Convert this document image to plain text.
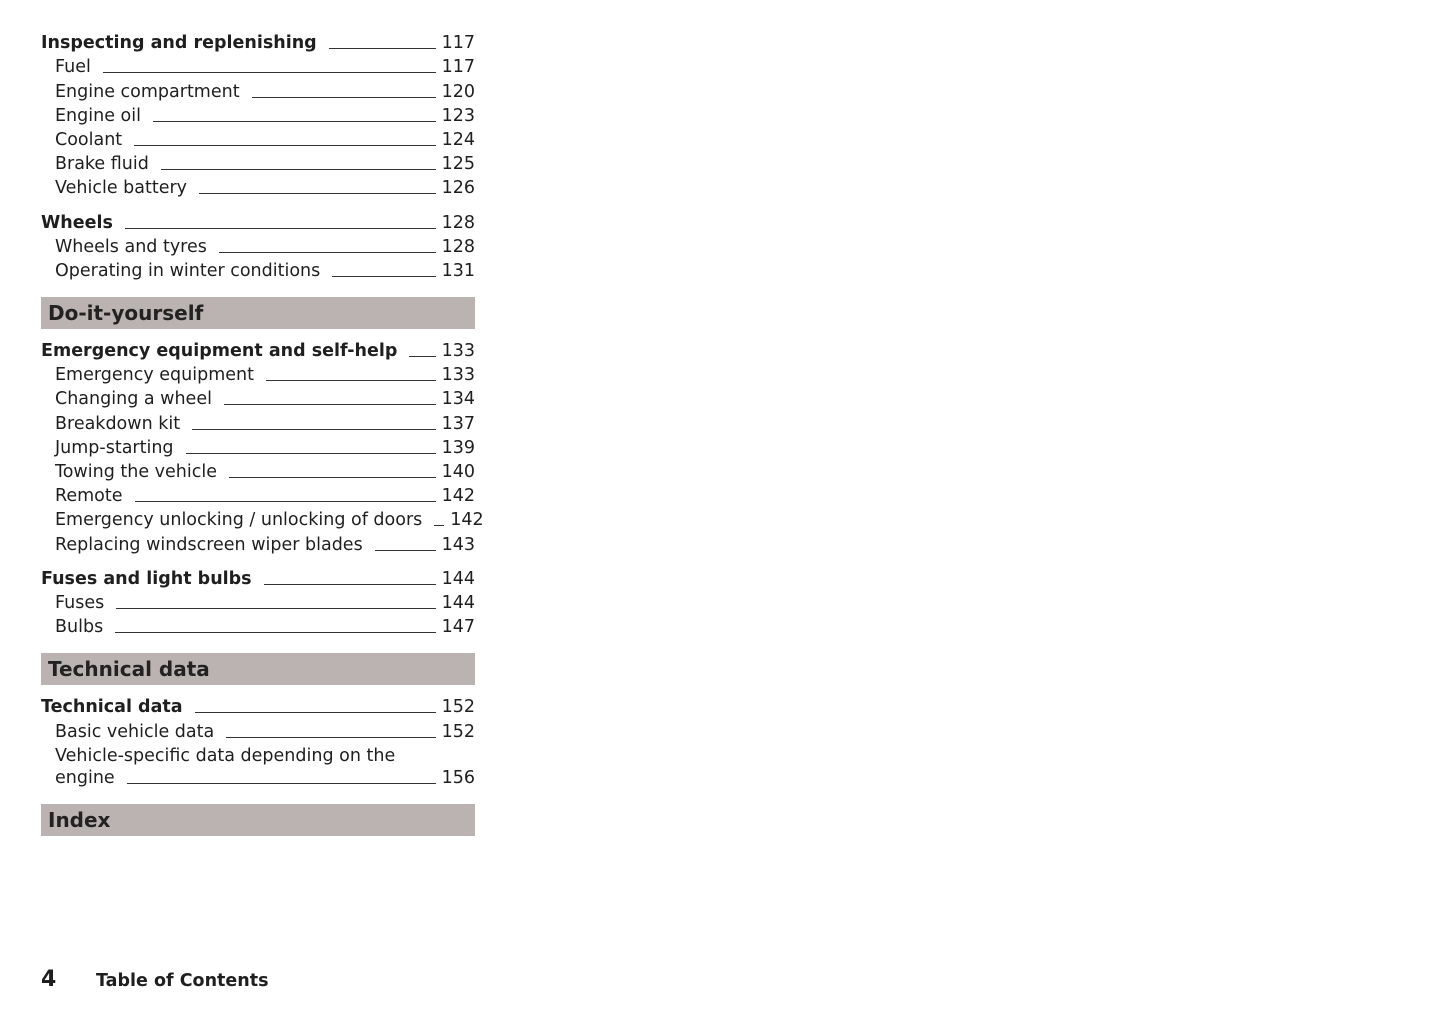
Inspecting and replenishing	117
Fuel	117
Engine compartment	120
Engine oil	123
Coolant	124
Brake fluid	125
Vehicle battery	126
Wheels	128
Wheels and tyres	128
Operating in winter conditions	131
Do-it-yourself
Emergency equipment and self-help	133
Emergency equipment	133
Changing a wheel	134
Breakdown kit	137
Jump-starting	139
Towing the vehicle	140
Remote	142
Emergency unlocking / unlocking of doors 142
Replacing windscreen wiper blades	143
Fuses and light bulbs	144
Fuses	144
Bulbs	147
Technical data
Technical data	152
Basic vehicle data	152
Vehicle-specific data depending on the
engine	156
Index
4	Table of Contents
